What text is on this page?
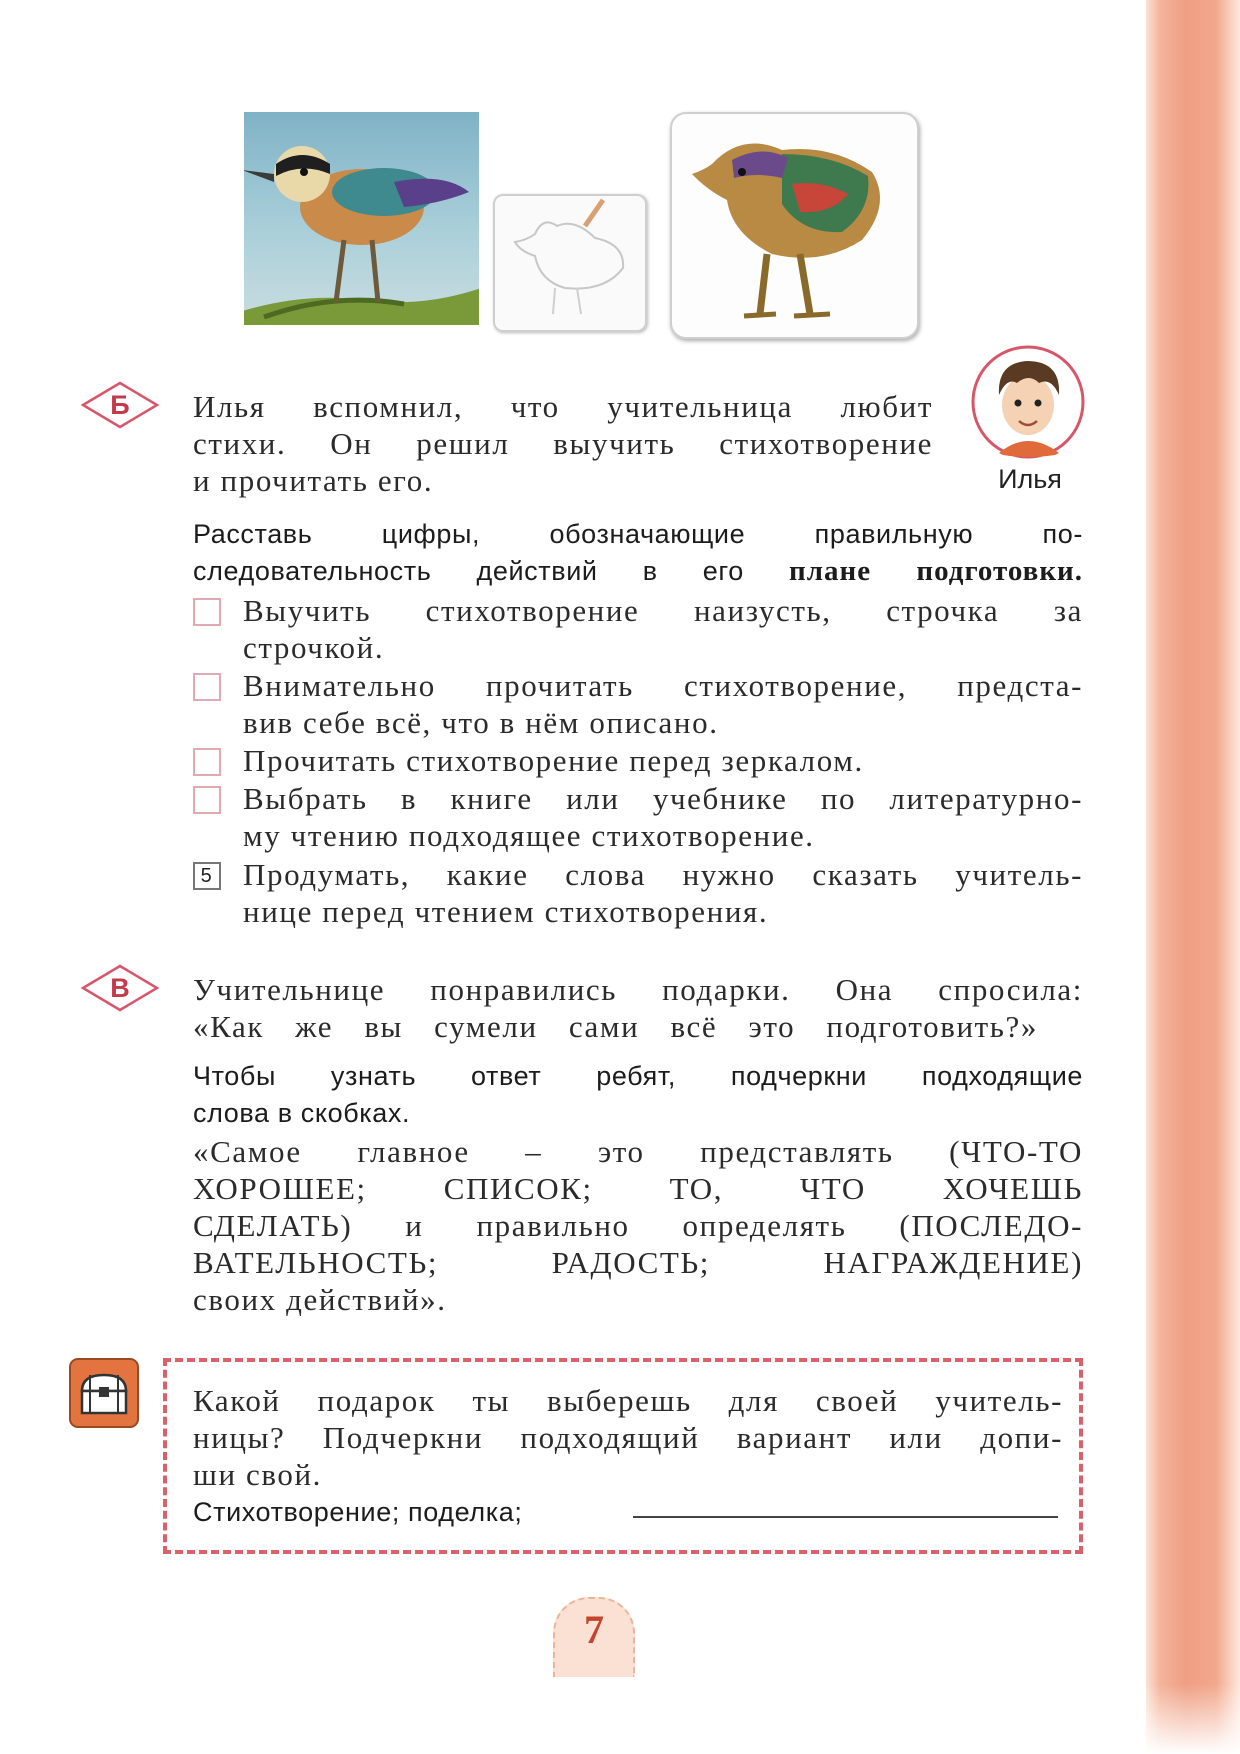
Б	Илья вспомнил, что учительница любит
стихи. Он решил выучить стихотворение
и прочитать его.	Илья
Расставь цифры, обозначающие правильную по-
следовательность действий в его плане подготовки.
Выучить стихотворение наизусть, строчка за
строчкой.
Внимательно прочитать стихотворение, предста-
вив себе всё, что в нём описано.
Прочитать стихотворение перед зеркалом.
Выбрать в книге или учебнике по литературно-
му чтению подходящее стихотворение.
5 Продумать, какие слова нужно сказать учитель-
нице перед чтением стихотворения.
В	Учительнице понравились подарки. Она спросила:
«Как же вы сумели сами всё это подготовить?»
Чтобы узнать ответ ребят, подчеркни подходящие
слова в скобках.
«Самое главное – это представлять (ЧТО-ТО
ХОРОШЕЕ; СПИСОК; ТО, ЧТО ХОЧЕШЬ
СДЕЛАТЬ) и правильно определять (ПОСЛЕДО-
ВАТЕЛЬНОСТЬ; РАДОСТЬ; НАГРАЖДЕНИЕ)
своих действий».
Какой подарок ты выберешь для своей учитель-
ницы? Подчеркни подходящий вариант или допи-
ши свой.
Стихотворение; поделка;
7
